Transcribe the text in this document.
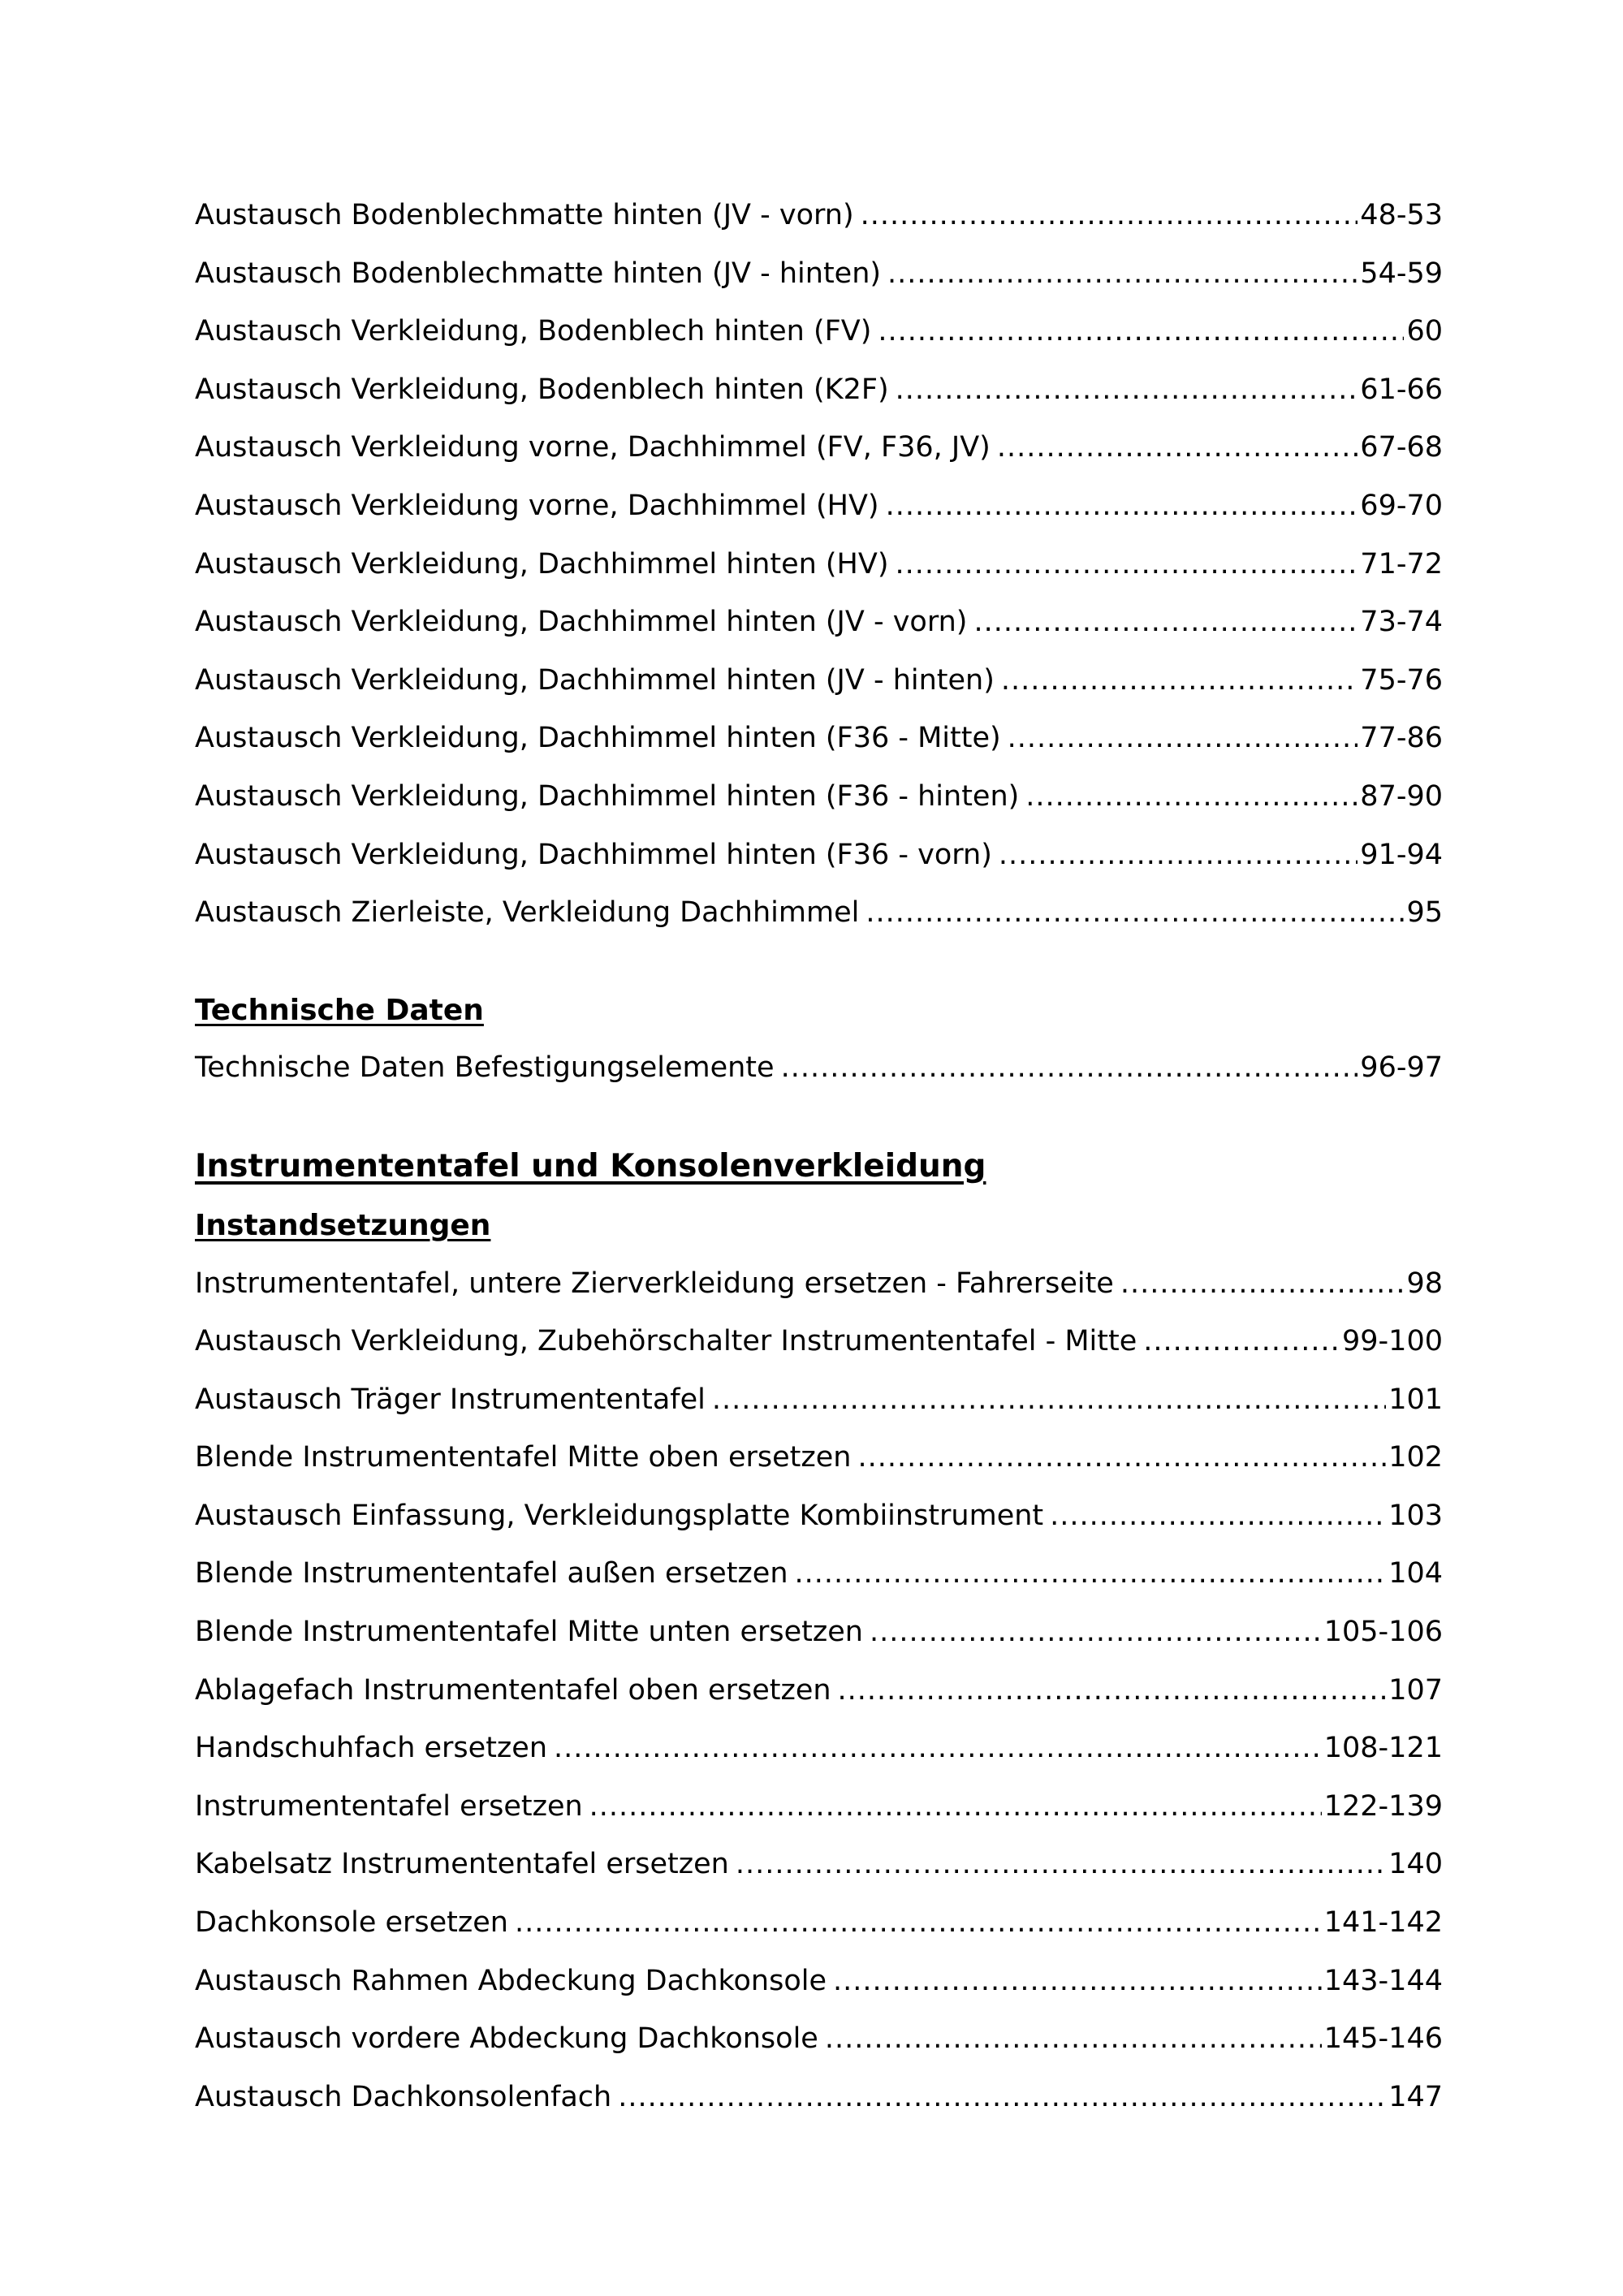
Austausch Bodenblechmatte hinten (JV - vorn) .....	48-53
Austausch Bodenblechmatte hinten (JV - hinten) .....	54-59
Austausch Verkleidung, Bodenblech hinten (FV) .....	60
Austausch Verkleidung, Bodenblech hinten (K2F) .....	61-66
Austausch Verkleidung vorne, Dachhimmel (FV, F36, JV) .....	67-68
Austausch Verkleidung vorne, Dachhimmel (HV) .....	69-70
Austausch Verkleidung, Dachhimmel hinten (HV) .....	71-72
Austausch Verkleidung, Dachhimmel hinten (JV - vorn) .....	73-74
Austausch Verkleidung, Dachhimmel hinten (JV - hinten) .....	75-76
Austausch Verkleidung, Dachhimmel hinten (F36 - Mitte) .....	77-86
Austausch Verkleidung, Dachhimmel hinten (F36 - hinten) .....	87-90
Austausch Verkleidung, Dachhimmel hinten (F36 - vorn) .....	91-94
Austausch Zierleiste, Verkleidung Dachhimmel .....	95
Technische Daten
Technische Daten Befestigungselemente .....	96-97
Instrumententafel und Konsolenverkleidung
Instandsetzungen
Instrumententafel, untere Zierverkleidung ersetzen - Fahrerseite .....	98
Austausch Verkleidung, Zubehörschalter Instrumententafel - Mitte .....	99-100
Austausch Träger Instrumententafel .....	101
Blende Instrumententafel Mitte oben ersetzen .....	102
Austausch Einfassung, Verkleidungsplatte Kombiinstrument .....	103
Blende Instrumententafel außen ersetzen .....	104
Blende Instrumententafel Mitte unten ersetzen .....	105-106
Ablagefach Instrumententafel oben ersetzen .....	107
Handschuhfach ersetzen .....	108-121
Instrumententafel ersetzen .....	122-139
Kabelsatz Instrumententafel ersetzen .....	140
Dachkonsole ersetzen .....	141-142
Austausch Rahmen Abdeckung Dachkonsole .....	143-144
Austausch vordere Abdeckung Dachkonsole .....	145-146
Austausch Dachkonsolenfach .....	147
